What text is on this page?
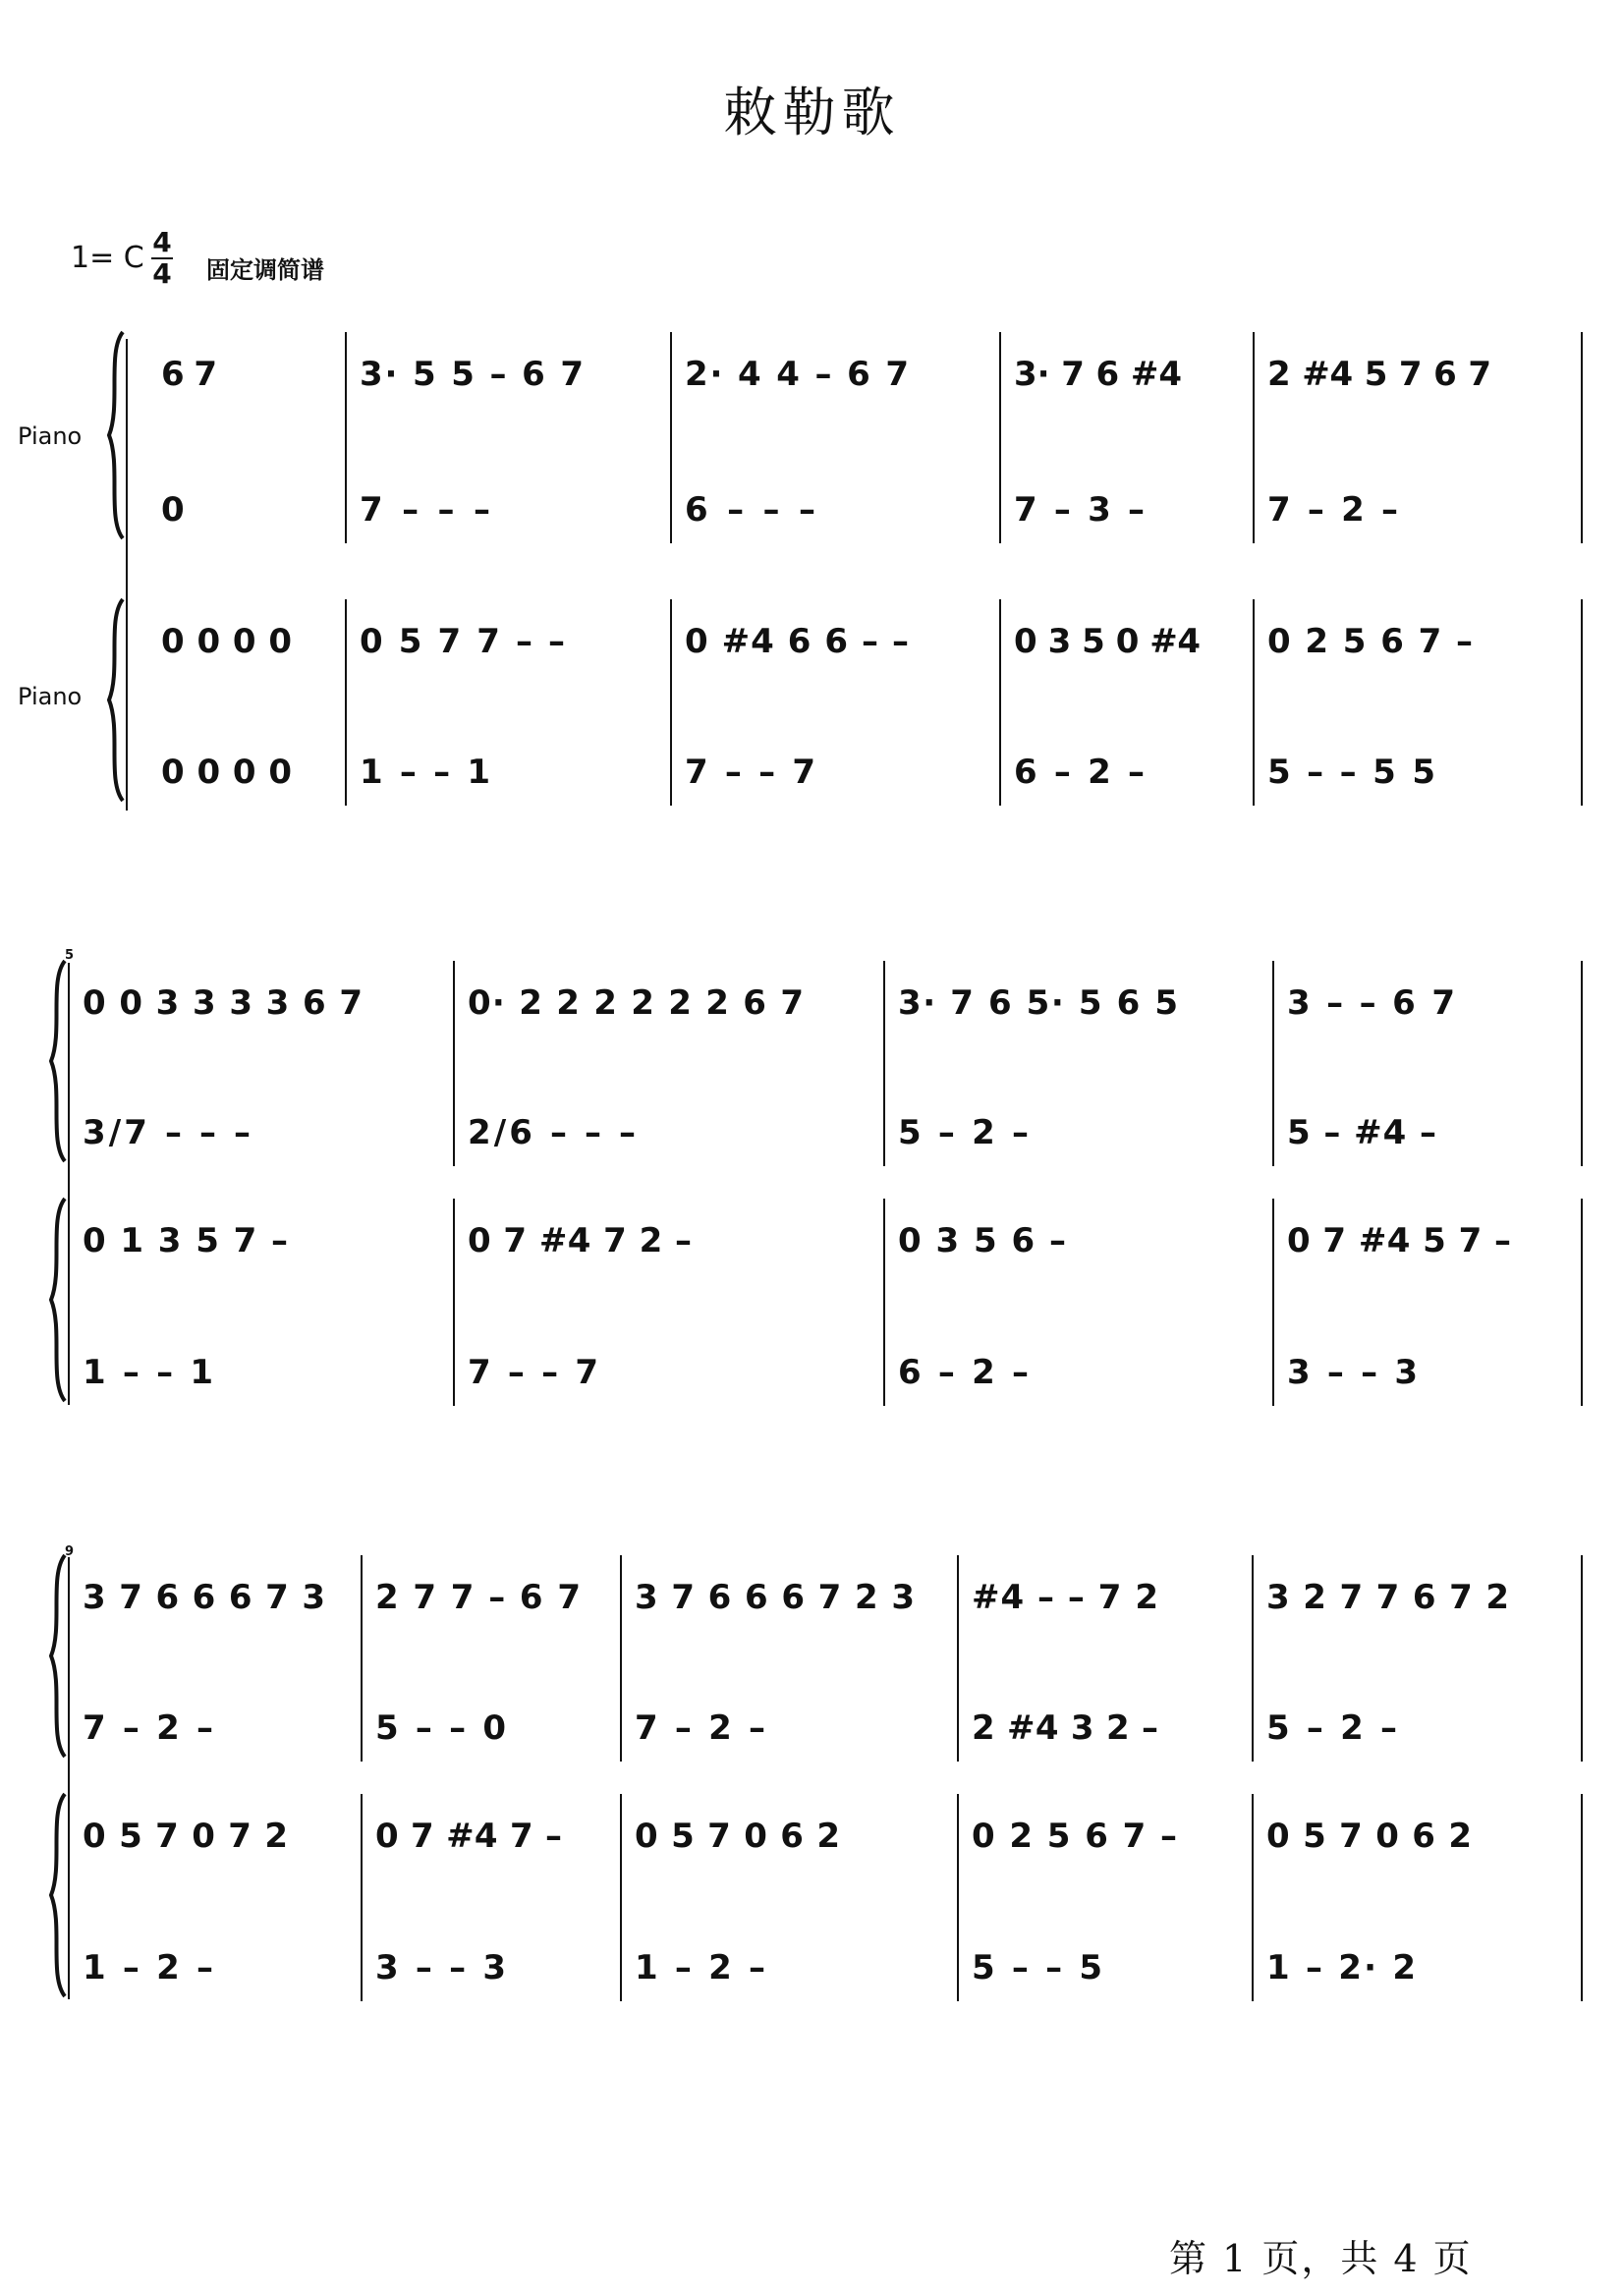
敕勒歌
1= C 4
4 固定调简谱
Piano
Piano
5
9
6 7
0
0 0 0 0
0 0 0 0
3· 5 5 – 6 7
7 – – –
0 5 7 7 – –
1 – – 1
2· 4 4 – 6 7
6 – – –
0 #4 6 6 – –
7 – – 7
3· 7 6 #4
7 – 3 –
0 3 5 0 #4
6 – 2 –
2 #4 5 7 6 7
7 – 2 –
0 2 5 6 7 –
5 – – 5 5
0 0 3 3 3 3 6 7
3/7 – – –
0 1 3 5 7 –
1 – – 1
0· 2 2 2 2 2 2 6 7
2/6 – – –
0 7 #4 7 2 –
7 – – 7
3· 7 6 5· 5 6 5
5 – 2 –
0 3 5 6 –
6 – 2 –
3 – – 6 7
5 – #4 –
0 7 #4 5 7 –
3 – – 3
3 7 6 6 6 7 3
7 – 2 –
0 5 7 0 7 2
1 – 2 –
2 7 7 – 6 7
5 – – 0
0 7 #4 7 –
3 – – 3
3 7 6 6 6 7 2 3
7 – 2 –
0 5 7 0 6 2
1 – 2 –
#4 – – 7 2
2 #4 3 2 –
0 2 5 6 7 –
5 – – 5
3 2 7 7 6 7 2
5 – 2 –
0 5 7 0 6 2
1 – 2· 2
第 1 页，共 4 页
